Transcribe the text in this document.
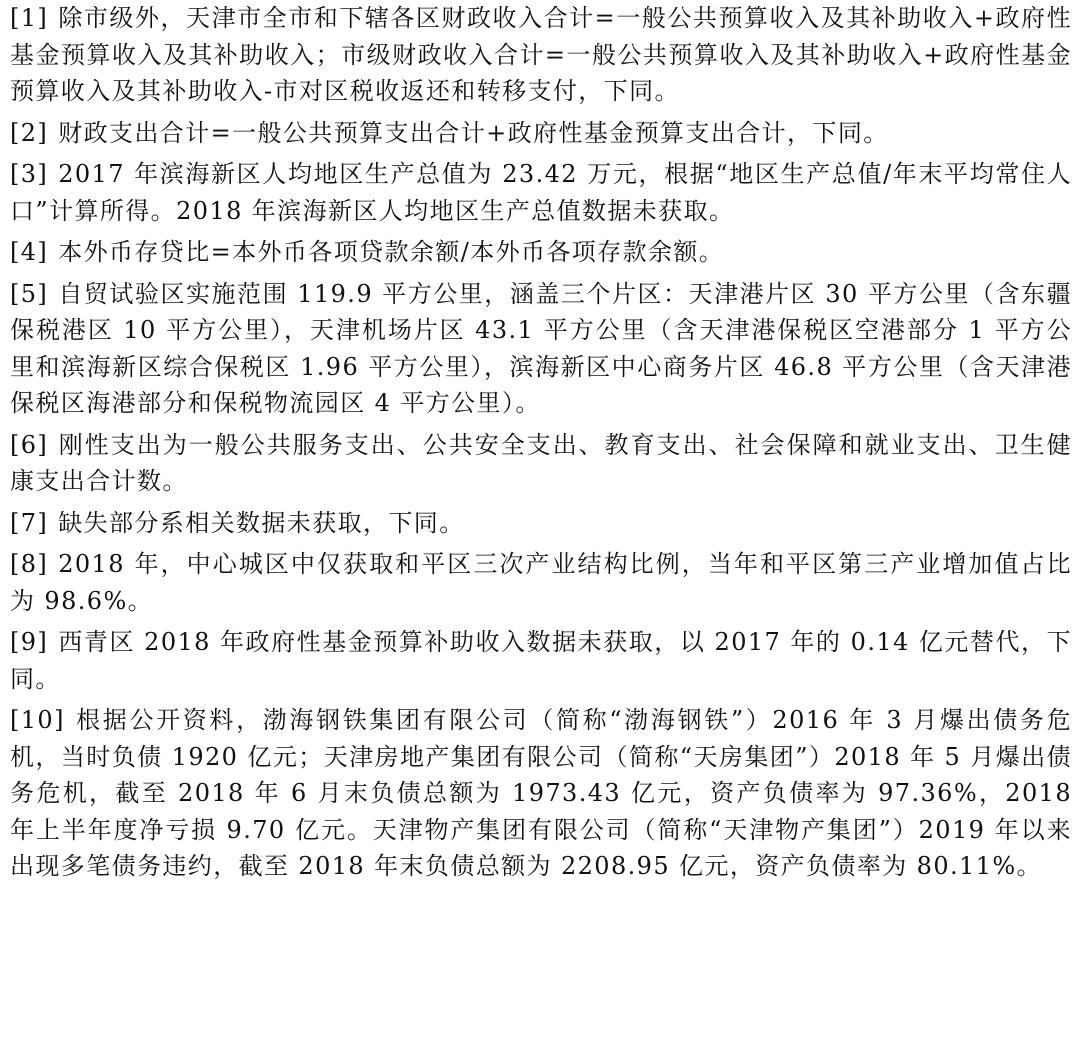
[1] 除市级外，天津市全市和下辖各区财政收入合计=一般公共预算收入及其补助收入+政府性基金预算收入及其补助收入；市级财政收入合计=一般公共预算收入及其补助收入+政府性基金预算收入及其补助收入-市对区税收返还和转移支付，下同。

[2] 财政支出合计=一般公共预算支出合计+政府性基金预算支出合计，下同。

[3] 2017 年滨海新区人均地区生产总值为 23.42 万元，根据“地区生产总值/年末平均常住人口”计算所得。2018 年滨海新区人均地区生产总值数据未获取。

[4] 本外币存贷比=本外币各项贷款余额/本外币各项存款余额。

[5] 自贸试验区实施范围 119.9 平方公里，涵盖三个片区：天津港片区 30 平方公里（含东疆保税港区 10 平方公里），天津机场片区 43.1 平方公里（含天津港保税区空港部分 1 平方公里和滨海新区综合保税区 1.96 平方公里），滨海新区中心商务片区 46.8 平方公里（含天津港保税区海港部分和保税物流园区 4 平方公里）。

[6] 刚性支出为一般公共服务支出、公共安全支出、教育支出、社会保障和就业支出、卫生健康支出合计数。

[7] 缺失部分系相关数据未获取，下同。

[8] 2018 年，中心城区中仅获取和平区三次产业结构比例，当年和平区第三产业增加值占比为 98.6%。

[9] 西青区 2018 年政府性基金预算补助收入数据未获取，以 2017 年的 0.14 亿元替代，下同。

[10] 根据公开资料，渤海钢铁集团有限公司（简称“渤海钢铁”）2016 年 3 月爆出债务危机，当时负债 1920 亿元；天津房地产集团有限公司（简称“天房集团”）2018 年 5 月爆出债务危机，截至 2018 年 6 月末负债总额为 1973.43 亿元，资产负债率为 97.36%，2018 年上半年度净亏损 9.70 亿元。天津物产集团有限公司（简称“天津物产集团”）2019 年以来出现多笔债务违约，截至 2018 年末负债总额为 2208.95 亿元，资产负债率为 80.11%。
